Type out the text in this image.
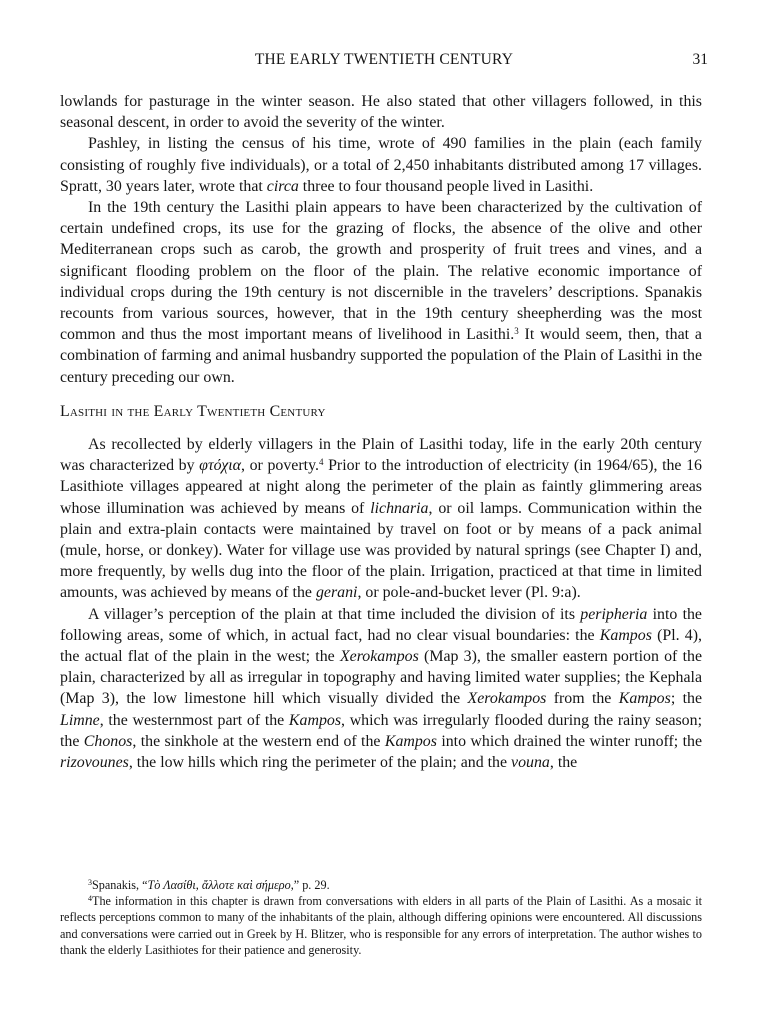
THE EARLY TWENTIETH CENTURY	31

lowlands for pasturage in the winter season. He also stated that other villagers followed, in this seasonal descent, in order to avoid the severity of the winter.

Pashley, in listing the census of his time, wrote of 490 families in the plain (each family consisting of roughly five individuals), or a total of 2,450 inhabitants distributed among 17 villages. Spratt, 30 years later, wrote that circa three to four thousand people lived in Lasithi.

In the 19th century the Lasithi plain appears to have been characterized by the cultivation of certain undefined crops, its use for the grazing of flocks, the absence of the olive and other Mediterranean crops such as carob, the growth and prosperity of fruit trees and vines, and a significant flooding problem on the floor of the plain. The relative economic importance of individual crops during the 19th century is not discernible in the travelers’ descriptions. Spanakis recounts from various sources, however, that in the 19th century sheepherding was the most common and thus the most important means of livelihood in Lasithi.$^3$ It would seem, then, that a combination of farming and animal husbandry supported the population of the Plain of Lasithi in the century preceding our own.

Lasithi in the Early Twentieth Century

As recollected by elderly villagers in the Plain of Lasithi today, life in the early 20th century was characterized by φτόχια, or poverty.$^4$ Prior to the introduction of electricity (in 1964/65), the 16 Lasithiote villages appeared at night along the perimeter of the plain as faintly glimmering areas whose illumination was achieved by means of lichnaria, or oil lamps. Communication within the plain and extra-plain contacts were maintained by travel on foot or by means of a pack animal (mule, horse, or donkey). Water for village use was provided by natural springs (see Chapter I) and, more frequently, by wells dug into the floor of the plain. Irrigation, practiced at that time in limited amounts, was achieved by means of the gerani, or pole-and-bucket lever (Pl. 9:a).

A villager’s perception of the plain at that time included the division of its peripheria into the following areas, some of which, in actual fact, had no clear visual boundaries: the Kampos (Pl. 4), the actual flat of the plain in the west; the Xerokampos (Map 3), the smaller eastern portion of the plain, characterized by all as irregular in topography and having limited water supplies; the Kephala (Map 3), the low limestone hill which visually divided the Xerokampos from the Kampos; the Limne, the westernmost part of the Kampos, which was irregularly flooded during the rainy season; the Chonos, the sinkhole at the western end of the Kampos into which drained the winter runoff; the rizovounes, the low hills which ring the perimeter of the plain; and the vouna, the

$^3$Spanakis, “Τὸ Λασίθι, ἄλλοτε καὶ σήμερο,” p. 29.

$^4$The information in this chapter is drawn from conversations with elders in all parts of the Plain of Lasithi. As a mosaic it reflects perceptions common to many of the inhabitants of the plain, although differing opinions were encountered. All discussions and conversations were carried out in Greek by H. Blitzer, who is responsible for any errors of interpretation. The author wishes to thank the elderly Lasithiotes for their patience and generosity.
